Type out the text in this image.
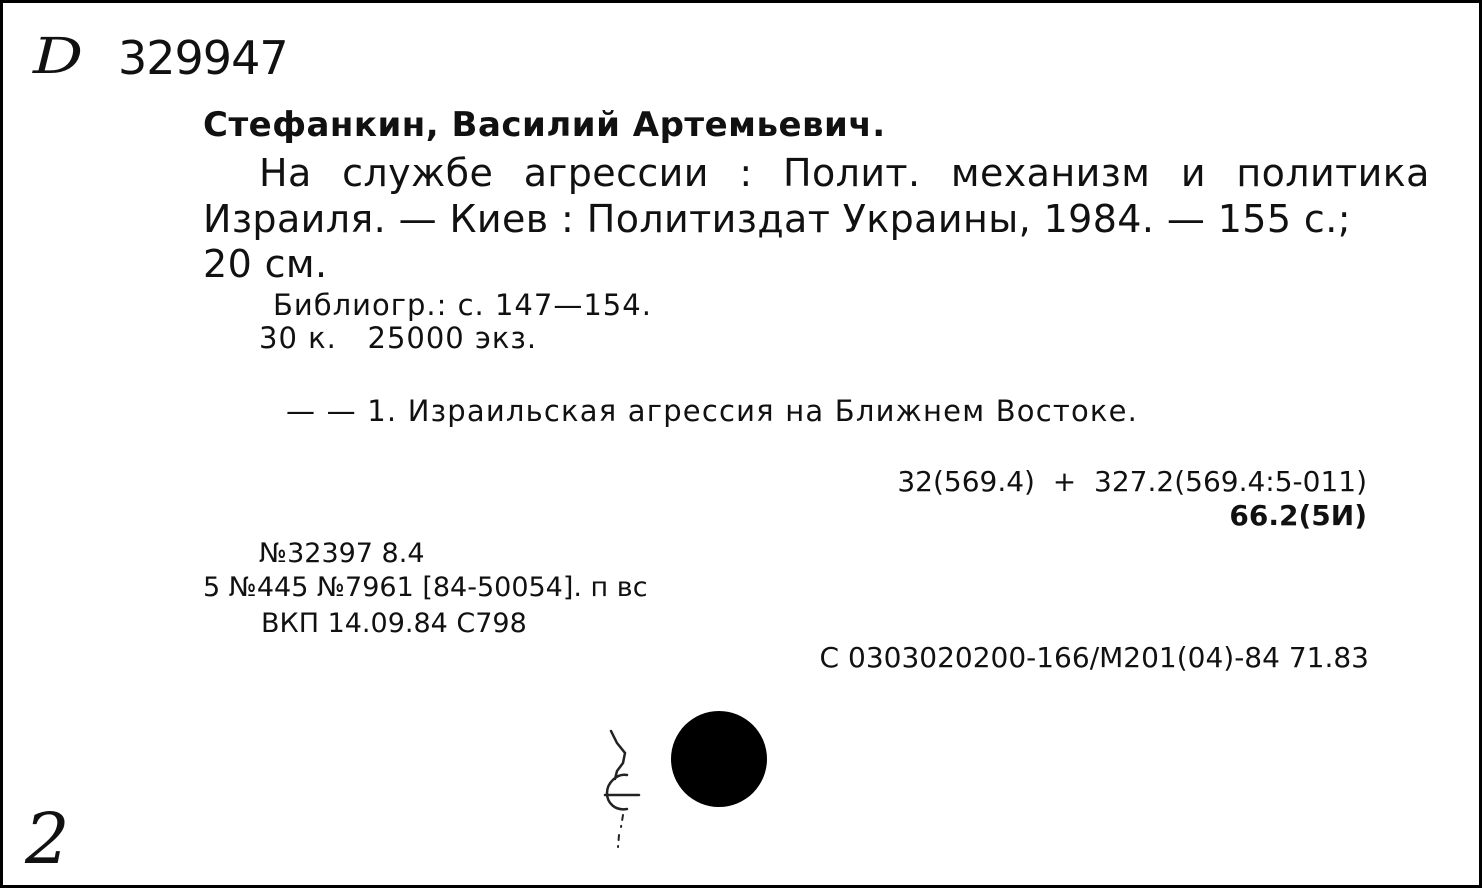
D 329947
Стефанкин, Василий Артемьевич.
На службе агрессии : Полит. механизм и политика
Израиля. — Киев : Политиздат Украины, 1984. — 155 с.;
20 см.
Библиогр.: с. 147—154.
30 к.   25000 экз.
— — 1. Израильская агрессия на Ближнем Востоке.
32(569.4)  +  327.2(569.4:5-011)
66.2(5И)
№32397 8.4
5 №445 №7961 [84-50054]. п вс
ВКП 14.09.84 С798
С 0303020200-166/М201(04)-84 71.83
2
